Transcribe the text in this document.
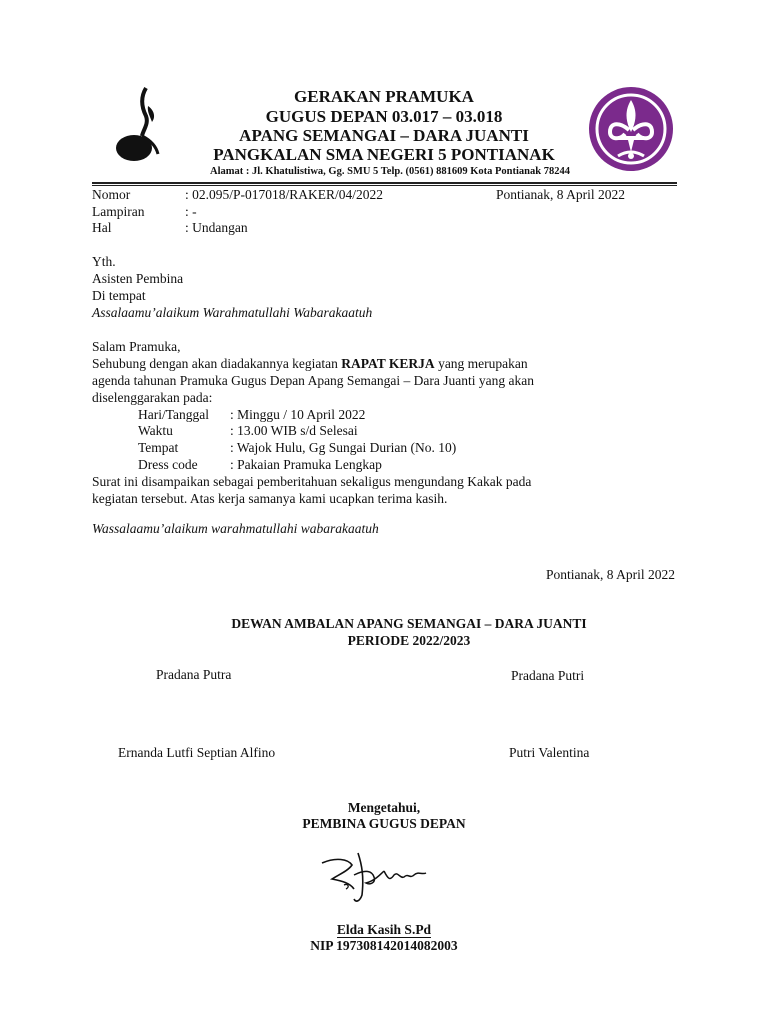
GERAKAN PRAMUKA
GUGUS DEPAN 03.017 – 03.018
APANG SEMANGAI – DARA JUANTI
PANGKALAN SMA NEGERI 5 PONTIANAK
Alamat : Jl. Khatulistiwa, Gg. SMU 5 Telp. (0561) 881609 Kota Pontianak 78244
Nomor	: 02.095/P-017018/RAKER/04/2022	Pontianak, 8 April 2022
Lampiran	: -
Hal	: Undangan
Yth.
Asisten Pembina
Di tempat
Assalaamu’alaikum Warahmatullahi Wabarakaatuh
Salam Pramuka,
Sehubung dengan akan diadakannya kegiatan RAPAT KERJA yang merupakan
agenda tahunan Pramuka Gugus Depan Apang Semangai – Dara Juanti yang akan
diselenggarakan pada:
Hari/Tanggal : Minggu / 10 April 2022
Waktu	: 13.00 WIB s/d Selesai
Tempat	: Wajok Hulu, Gg Sungai Durian (No. 10)
Dress code : Pakaian Pramuka Lengkap
Surat ini disampaikan sebagai pemberitahuan sekaligus mengundang Kakak pada
kegiatan tersebut. Atas kerja samanya kami ucapkan terima kasih.
Wassalaamu’alaikum warahmatullahi wabarakaatuh
Pontianak, 8 April 2022
DEWAN AMBALAN APANG SEMANGAI – DARA JUANTI
PERIODE 2022/2023
Pradana Putra	Pradana Putri
Ernanda Lutfi Septian Alfino	Putri Valentina
Mengetahui,
PEMBINA GUGUS DEPAN
Elda Kasih S.Pd
NIP 197308142014082003
